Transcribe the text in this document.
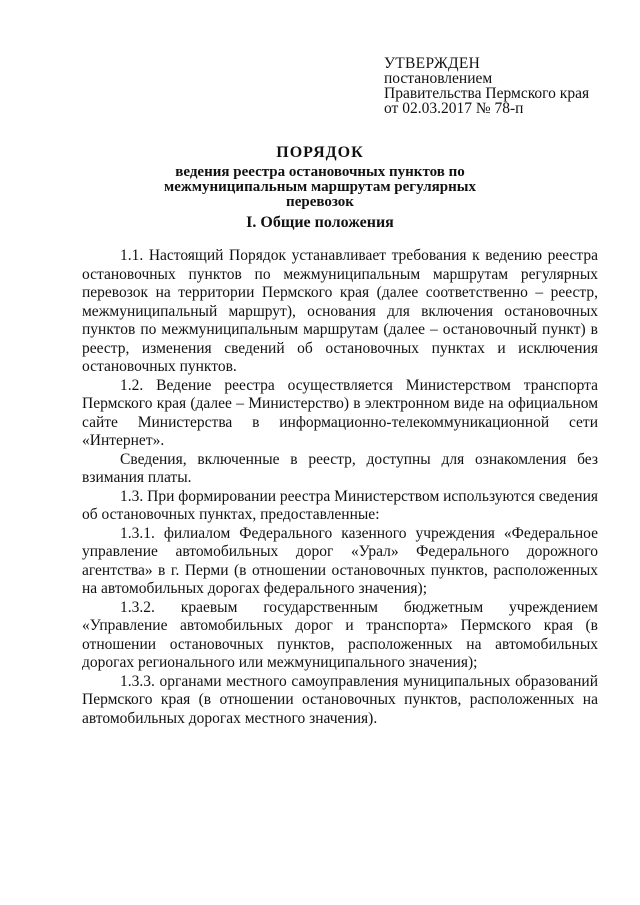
УТВЕРЖДЕН
постановлением
Правительства Пермского края
от 02.03.2017 № 78-п
ПОРЯДОК
ведения реестра остановочных пунктов по межмуниципальным маршрутам регулярных перевозок
I. Общие положения

1.1. Настоящий Порядок устанавливает требования к ведению реестра остановочных пунктов по межмуниципальным маршрутам регулярных перевозок на территории Пермского края (далее соответственно – реестр, межмуниципальный маршрут), основания для включения остановочных пунктов по межмуниципальным маршрутам (далее – остановочный пункт) в реестр, изменения сведений об остановочных пунктах и исключения остановочных пунктов.

1.2. Ведение реестра осуществляется Министерством транспорта Пермского края (далее – Министерство) в электронном виде на официальном сайте Министерства в информационно-телекоммуникационной сети «Интернет».

Сведения, включенные в реестр, доступны для ознакомления без взимания платы.

1.3. При формировании реестра Министерством используются сведения об остановочных пунктах, предоставленные:

1.3.1. филиалом Федерального казенного учреждения «Федеральное управление автомобильных дорог «Урал» Федерального дорожного агентства» в г. Перми (в отношении остановочных пунктов, расположенных на автомобильных дорогах федерального значения);

1.3.2. краевым государственным бюджетным учреждением «Управление автомобильных дорог и транспорта» Пермского края (в отношении остановочных пунктов, расположенных на автомобильных дорогах регионального или межмуниципального значения);

1.3.3. органами местного самоуправления муниципальных образований Пермского края (в отношении остановочных пунктов, расположенных на автомобильных дорогах местного значения).
